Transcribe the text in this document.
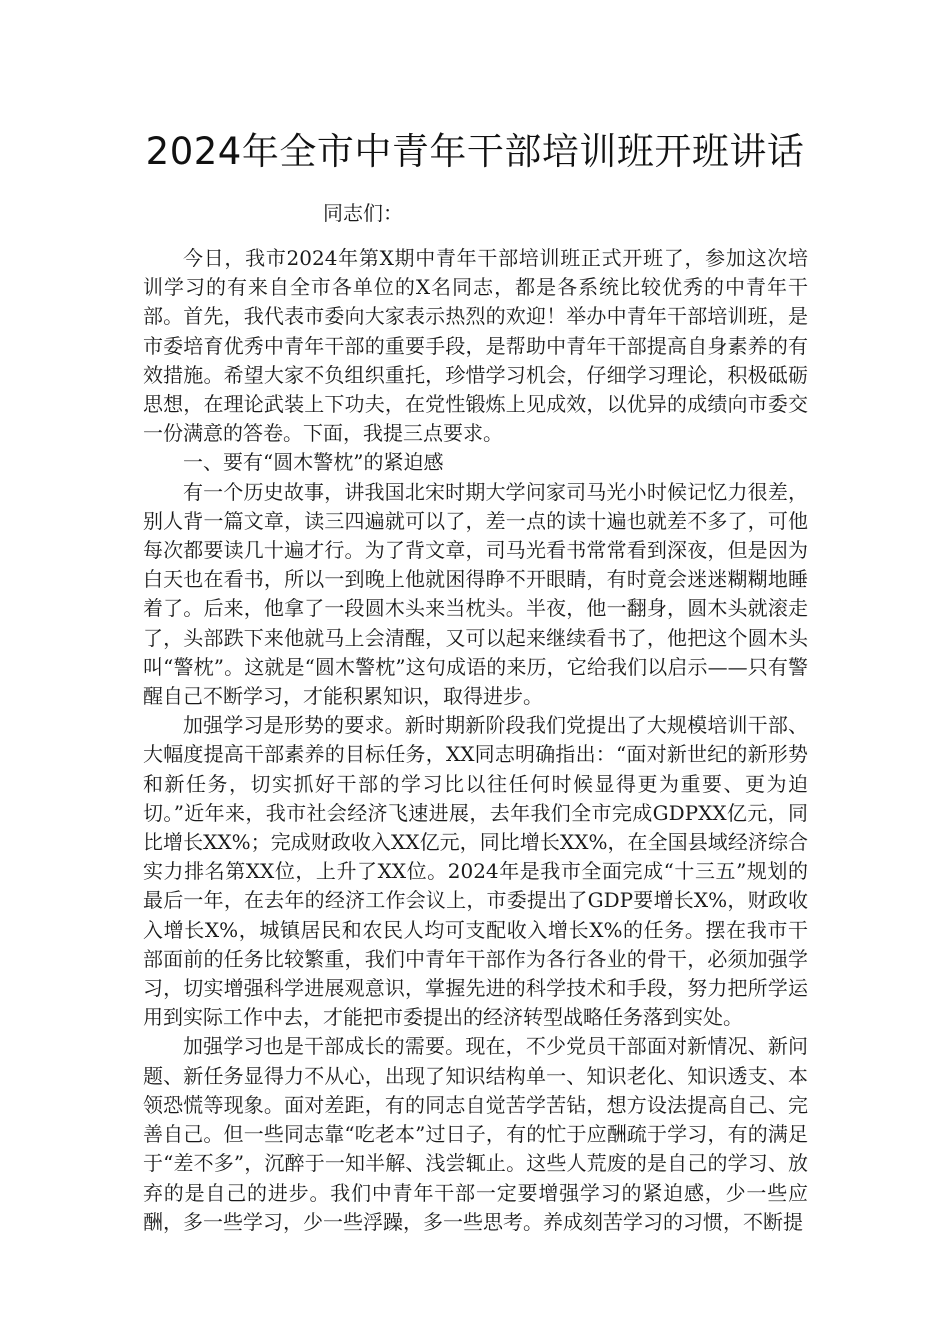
2024年全市中青年干部培训班开班讲话

同志们：

今日，我市2024年第X期中青年干部培训班正式开班了，参加这次培训学习的有来自全市各单位的X名同志，都是各系统比较优秀的中青年干部。首先，我代表市委向大家表示热烈的欢迎！举办中青年干部培训班，是市委培育优秀中青年干部的重要手段，是帮助中青年干部提高自身素养的有效措施。希望大家不负组织重托，珍惜学习机会，仔细学习理论，积极砥砺思想，在理论武装上下功夫，在党性锻炼上见成效，以优异的成绩向市委交一份满意的答卷。下面，我提三点要求。

一、要有“圆木警枕”的紧迫感

有一个历史故事，讲我国北宋时期大学问家司马光小时候记忆力很差，别人背一篇文章，读三四遍就可以了，差一点的读十遍也就差不多了，可他每次都要读几十遍才行。为了背文章，司马光看书常常看到深夜，但是因为白天也在看书，所以一到晚上他就困得睁不开眼睛，有时竟会迷迷糊糊地睡着了。后来，他拿了一段圆木头来当枕头。半夜，他一翻身，圆木头就滚走了，头部跌下来他就马上会清醒，又可以起来继续看书了，他把这个圆木头叫“警枕”。这就是“圆木警枕”这句成语的来历，它给我们以启示——只有警醒自己不断学习，才能积累知识，取得进步。

加强学习是形势的要求。新时期新阶段我们党提出了大规模培训干部、大幅度提高干部素养的目标任务，XX同志明确指出：“面对新世纪的新形势和新任务，切实抓好干部的学习比以往任何时候显得更为重要、更为迫切。”近年来，我市社会经济飞速进展，去年我们全市完成GDPXX亿元，同比增长XX%；完成财政收入XX亿元，同比增长XX%，在全国县域经济综合实力排名第XX位，上升了XX位。2024年是我市全面完成“十三五”规划的最后一年，在去年的经济工作会议上，市委提出了GDP要增长X%，财政收入增长X%，城镇居民和农民人均可支配收入增长X%的任务。摆在我市干部面前的任务比较繁重，我们中青年干部作为各行各业的骨干，必须加强学习，切实增强科学进展观意识，掌握先进的科学技术和手段，努力把所学运用到实际工作中去，才能把市委提出的经济转型战略任务落到实处。

加强学习也是干部成长的需要。现在，不少党员干部面对新情况、新问题、新任务显得力不从心，出现了知识结构单一、知识老化、知识透支、本领恐慌等现象。面对差距，有的同志自觉苦学苦钻，想方设法提高自己、完善自己。但一些同志靠“吃老本”过日子，有的忙于应酬疏于学习，有的满足于“差不多”，沉醉于一知半解、浅尝辄止。这些人荒废的是自己的学习、放弃的是自己的进步。我们中青年干部一定要增强学习的紧迫感，少一些应酬，多一些学习，少一些浮躁，多一些思考。养成刻苦学习的习惯，不断提
